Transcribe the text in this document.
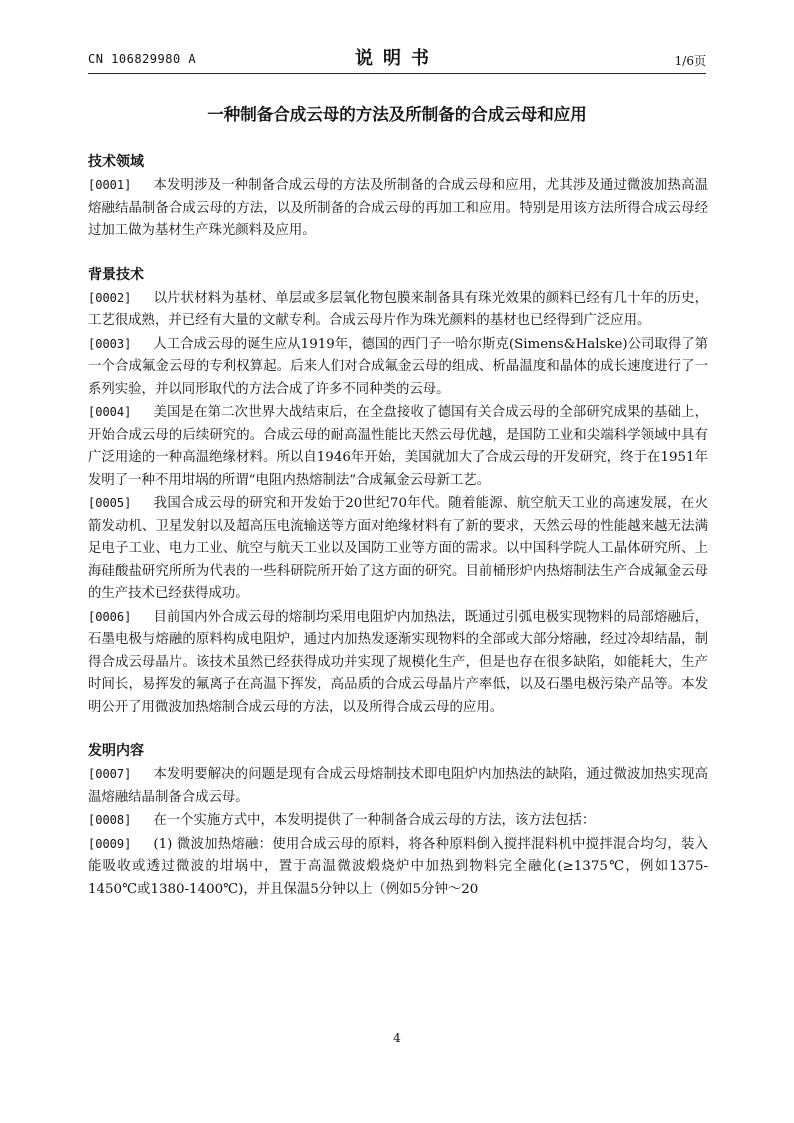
CN 106829980 A	说明书	1/6页
一种制备合成云母的方法及所制备的合成云母和应用

技术领域

[0001] 本发明涉及一种制备合成云母的方法及所制备的合成云母和应用，尤其涉及通过微波加热高温熔融结晶制备合成云母的方法，以及所制备的合成云母的再加工和应用。特别是用该方法所得合成云母经过加工做为基材生产珠光颜料及应用。

背景技术

[0002] 以片状材料为基材、单层或多层氧化物包膜来制备具有珠光效果的颜料已经有几十年的历史，工艺很成熟，并已经有大量的文献专利。合成云母片作为珠光颜料的基材也已经得到广泛应用。

[0003] 人工合成云母的诞生应从1919年，德国的西门子一哈尔斯克(Simens&Halske)公司取得了第一个合成氟金云母的专利权算起。后来人们对合成氟金云母的组成、析晶温度和晶体的成长速度进行了一系列实验，并以同形取代的方法合成了许多不同种类的云母。

[0004] 美国是在第二次世界大战结束后，在全盘接收了德国有关合成云母的全部研究成果的基础上，开始合成云母的后续研究的。合成云母的耐高温性能比天然云母优越，是国防工业和尖端科学领域中具有广泛用途的一种高温绝缘材料。所以自1946年开始，美国就加大了合成云母的开发研究，终于在1951年发明了一种不用坩埚的所谓“电阻内热熔制法”合成氟金云母新工艺。

[0005] 我国合成云母的研究和开发始于20世纪70年代。随着能源、航空航天工业的高速发展，在火箭发动机、卫星发射以及超高压电流输送等方面对绝缘材料有了新的要求，天然云母的性能越来越无法满足电子工业、电力工业、航空与航天工业以及国防工业等方面的需求。以中国科学院人工晶体研究所、上海硅酸盐研究所所为代表的一些科研院所开始了这方面的研究。目前桶形炉内热熔制法生产合成氟金云母的生产技术已经获得成功。

[0006] 目前国内外合成云母的熔制均采用电阻炉内加热法，既通过引弧电极实现物料的局部熔融后，石墨电极与熔融的原料构成电阻炉，通过内加热发逐渐实现物料的全部或大部分熔融，经过冷却结晶，制得合成云母晶片。该技术虽然已经获得成功并实现了规模化生产，但是也存在很多缺陷，如能耗大，生产时间长，易挥发的氟离子在高温下挥发，高品质的合成云母晶片产率低，以及石墨电极污染产品等。本发明公开了用微波加热熔制合成云母的方法，以及所得合成云母的应用。

发明内容

[0007] 本发明要解决的问题是现有合成云母熔制技术即电阻炉内加热法的缺陷，通过微波加热实现高温熔融结晶制备合成云母。

[0008] 在一个实施方式中，本发明提供了一种制备合成云母的方法，该方法包括：

[0009] (1) 微波加热熔融：使用合成云母的原料，将各种原料倒入搅拌混料机中搅拌混合均匀，装入能吸收或透过微波的坩埚中，置于高温微波煅烧炉中加热到物料完全融化(≥1375℃，例如1375-1450℃或1380-1400℃)，并且保温5分钟以上（例如5分钟～20

4
